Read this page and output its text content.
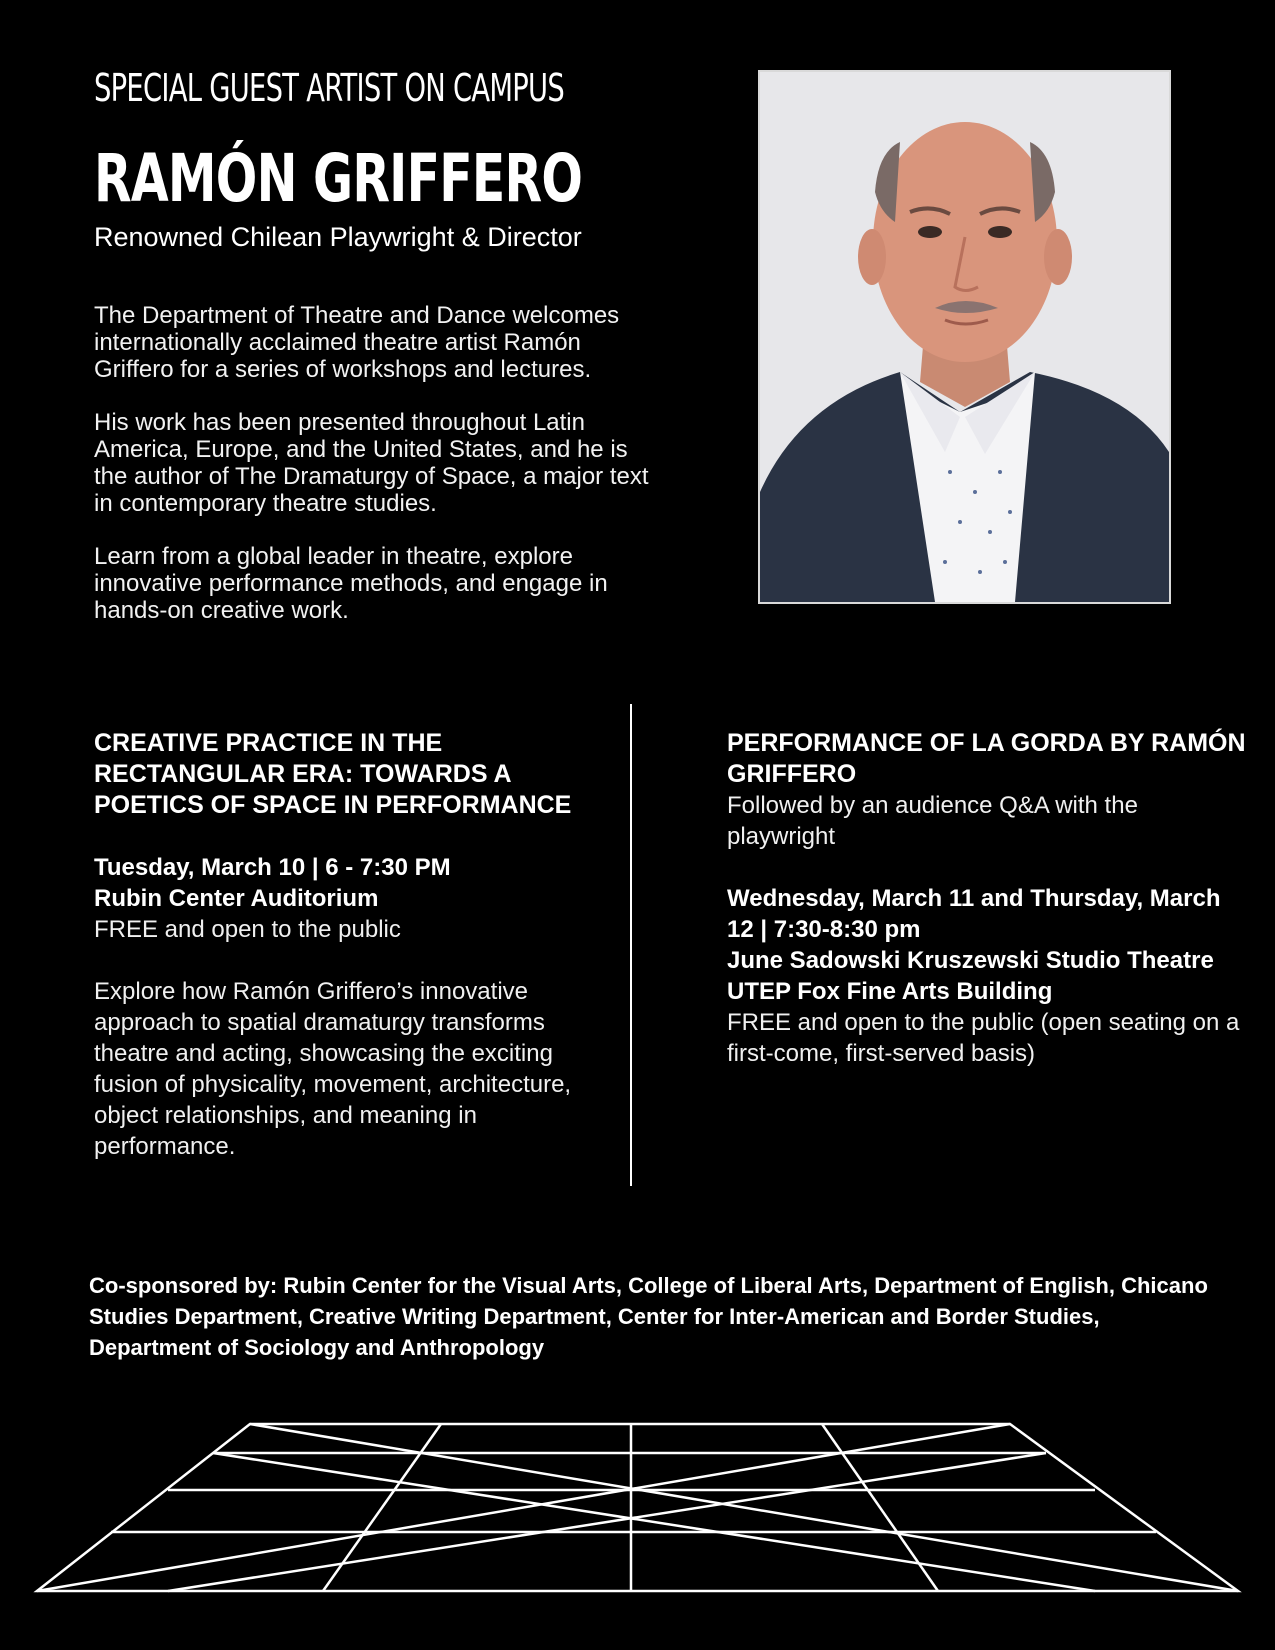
SPECIAL GUEST ARTIST ON CAMPUS
RAMÓN GRIFFERO

Renowned Chilean Playwright & Director

The Department of Theatre and Dance welcomes internationally acclaimed theatre artist Ramón Griffero for a series of workshops and lectures.

His work has been presented throughout Latin America, Europe, and the United States, and he is the author of The Dramaturgy of Space, a major text in contemporary theatre studies.

Learn from a global leader in theatre, explore innovative performance methods, and engage in hands-on creative work.

CREATIVE PRACTICE IN THE RECTANGULAR ERA: TOWARDS A POETICS OF SPACE IN PERFORMANCE

Tuesday, March 10 | 6 - 7:30 PM

Rubin Center Auditorium

FREE and open to the public

Explore how Ramón Griffero’s innovative approach to spatial dramaturgy transforms theatre and acting, showcasing the exciting fusion of physicality, movement, architecture, object relationships, and meaning in performance.

PERFORMANCE OF LA GORDA BY RAMÓN GRIFFERO

Followed by an audience Q&A with the playwright

Wednesday, March 11 and Thursday, March 12 | 7:30-8:30 pm

June Sadowski Kruszewski Studio Theatre

UTEP Fox Fine Arts Building

FREE and open to the public (open seating on a first-come, first-served basis)

Co-sponsored by: Rubin Center for the Visual Arts, College of Liberal Arts, Department of English, Chicano Studies Department, Creative Writing Department, Center for Inter-American and Border Studies, Department of Sociology and Anthropology
